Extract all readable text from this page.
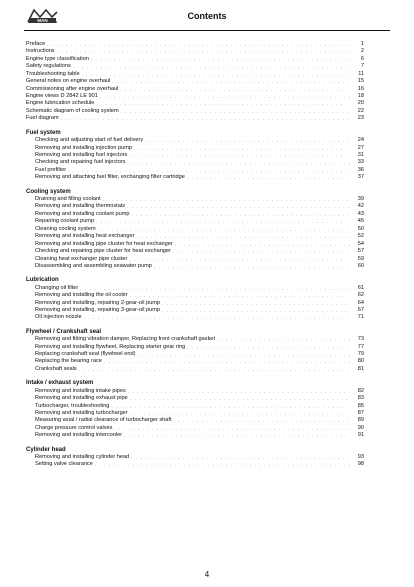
MAN	Contents
Preface . . .	1
Instructions . . .	2
Engine type classification . . .	6
Safety regulations . . .	7
Troubleshooting table . . .	11
General notes on engine overhaul . . .	15
Commissioning after engine overhaul . . .	16
Engine views D 2842 LE 901 . . .	18
Engine lubrication schedule . . .	20
Schematic diagram of cooling system . . .	22
Fuel diagram . . .	23
Fuel system
Checking and adjusting start of fuel delivery . . .	24
Removing and installing injection pump . . .	27
Removing and installing fuel injectors . . .	31
Checking and repairing fuel injectors . . .	33
Fuel prefilter . . .	36
Removing and attaching fuel filter, exchanging filter cartridge . . .	37
Cooling system
Draining and filling coolant . . .	39
Removing and installing thermostats . . .	42
Removing and installing coolant pump . . .	43
Repairing coolant pump . . .	45
Cleaning cooling system . . .	50
Removing and installing heat exchanger . . .	52
Removing and installing pipe cluster for heat exchanger . . .	54
Checking and repairing pipe cluster for heat exchanger . . .	57
Cleaning heat exchanger pipe cluster . . .	59
Disassembling and assembling seawater pump . . .	60
Lubrication
Changing oil filter . . .	61
Removing and installing the oil cooler . . .	62
Removing and installing, repairing 2-gear-oil pump . . .	64
Removing and installing, repairing 3-gear-oil pump . . .	67
Oil injection nozzle . . .	71
Flywheel / Crankshaft seal
Removing and fitting vibration damper, Replacing front crankshaft gasket . . .	73
Removing and installing flywheel, Replacing starter gear ring . . .	77
Replacing crankshaft seal (flywheel end) . . .	79
Replacing the bearing race . . .	80
Crankshaft seals . . .	81
Intake / exhaust system
Removing and installing intake pipes . . .	82
Removing and installing exhaust pipe . . .	83
Turbocharger, troubleshooting . . .	85
Removing and installing turbocharger . . .	87
Measuring axial / radial clearance of turbocharger shaft . . .	89
Charge pressure control valves . . .	90
Removing and installing intercooler . . .	91
Cylinder head
Removing and installing cylinder head . . .	93
Setting valve clearance . . .	98
4
